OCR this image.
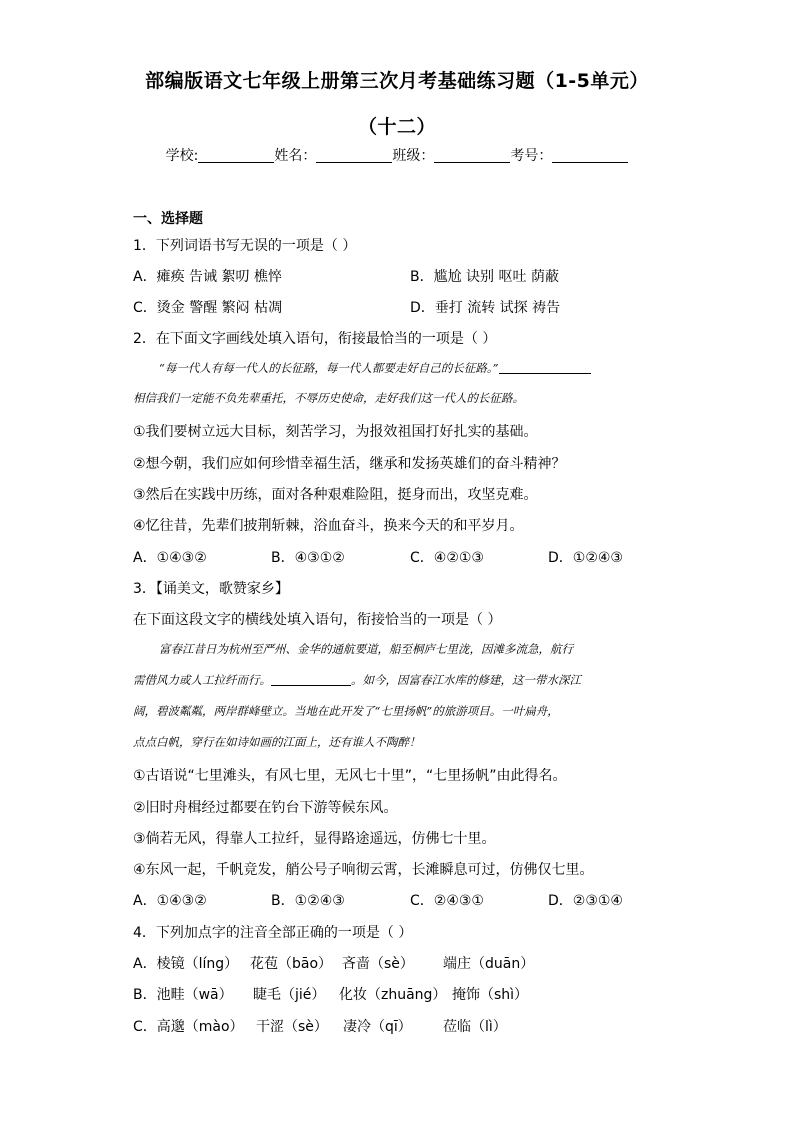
部编版语文七年级上册第三次月考基础练习题（1-5单元）
（十二）
学校:	姓名：	班级：	考号：
一、选择题
1．下列词语书写无误的一项是（ ）
A．瘫痪 告诫 絮叨 樵悴	B．尴尬 诀别 呕吐 荫蔽
C．烫金 警醒 繁闷 枯凋	D．垂打 流转 试探 祷告
2．在下面文字画线处填入语句，衔接最恰当的一项是（ ）
“每一代人有每一代人的长征路，每一代人都要走好自己的长征路。”
相信我们一定能不负先辈重托，不辱历史使命，走好我们这一代人的长征路。
①我们要树立远大目标，刻苦学习，为报效祖国打好扎实的基础。
②想今朝，我们应如何珍惜幸福生活，继承和发扬英雄们的奋斗精神？
③然后在实践中历练，面对各种艰难险阻，挺身而出，攻坚克难。
④忆往昔，先辈们披荆斩棘，浴血奋斗，换来今天的和平岁月。
A．①④③②	B．④③①②	C．④②①③	D．①②④③
3．【诵美文，歌赞家乡】
在下面这段文字的横线处填入语句，衔接恰当的一项是（ ）
富春江昔日为杭州至严州、金华的通航要道，船至桐庐七里泷，因滩多流急，航行
需借风力或人工拉纤而行。	。如今，因富春江水库的修建，这一带水深江
阔，碧波粼粼，两岸群峰壁立。当地在此开发了“七里扬帆”的旅游项目。一叶扁舟，
点点白帆，穿行在如诗如画的江面上，还有谁人不陶醉！
①古语说“七里滩头，有风七里，无风七十里”，“七里扬帆”由此得名。
②旧时舟楫经过都要在钓台下游等候东风。
③倘若无风，得靠人工拉纤，显得路途遥远，仿佛七十里。
④东风一起，千帆竞发，艄公号子响彻云霄，长滩瞬息可过，仿佛仅七里。
A．①④③②	B．①②④③	C．②④③①	D．②③①④
4．下列加点字的注音全部正确的一项是（ ）
A．棱镜（líng） 花苞（bāo） 吝啬（sè） 端庄（duān）
B．池畦（wā） 睫毛（jié） 化妆（zhuāng） 掩饰（shì）
C．高邈（mào） 干涩（sè） 凄冷（qī） 莅临（lì）
